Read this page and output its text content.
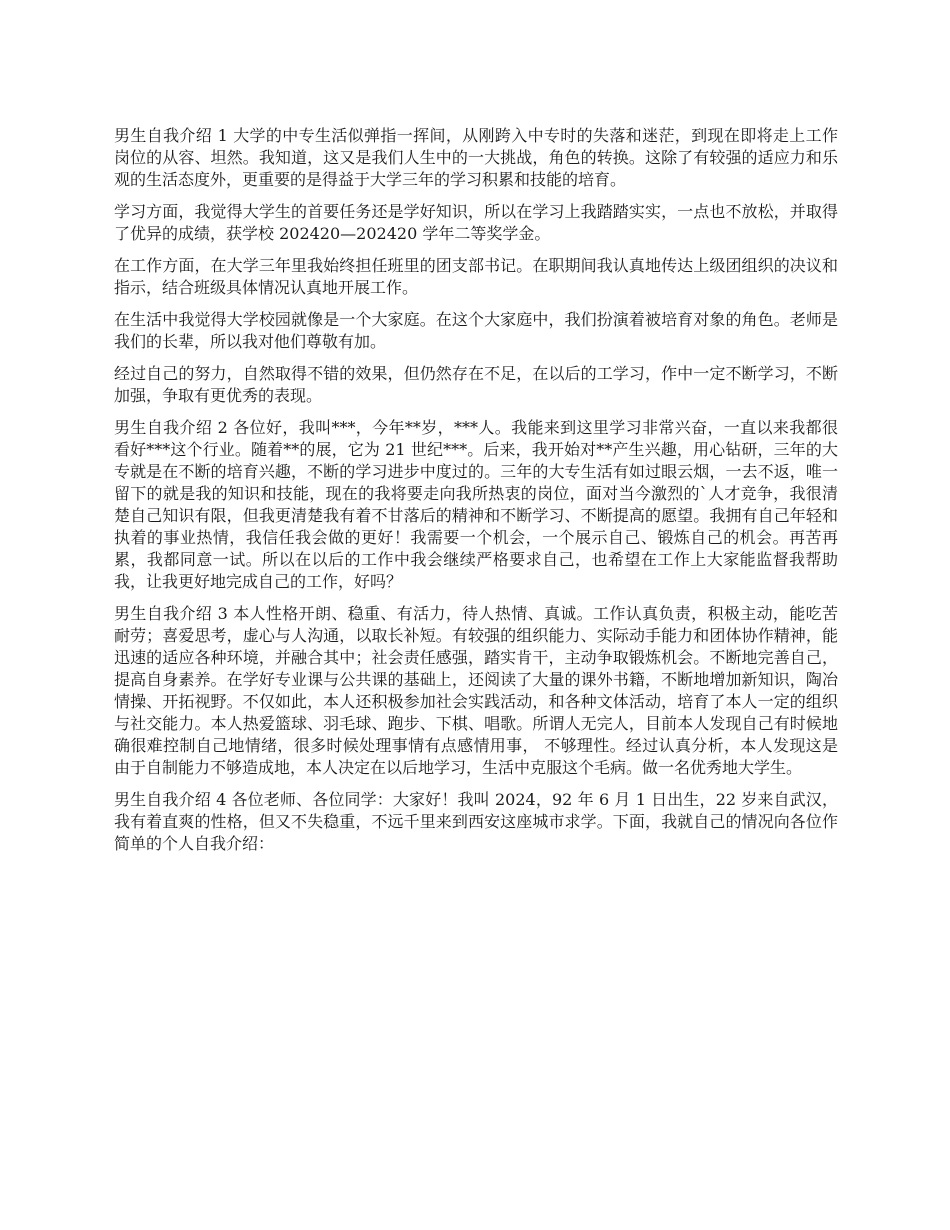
男生自我介绍 1 大学的中专生活似弹指一挥间，从刚跨入中专时的失落和迷茫，到现在即将走上工作岗位的从容、坦然。我知道，这又是我们人生中的一大挑战，角色的转换。这除了有较强的适应力和乐观的生活态度外，更重要的是得益于大学三年的学习积累和技能的培育。

学习方面，我觉得大学生的首要任务还是学好知识，所以在学习上我踏踏实实，一点也不放松，并取得了优异的成绩，获学校 202420—202420 学年二等奖学金。

在工作方面，在大学三年里我始终担任班里的团支部书记。在职期间我认真地传达上级团组织的决议和指示，结合班级具体情况认真地开展工作。

在生活中我觉得大学校园就像是一个大家庭。在这个大家庭中，我们扮演着被培育对象的角色。老师是我们的长辈，所以我对他们尊敬有加。

经过自己的努力，自然取得不错的效果，但仍然存在不足，在以后的工学习，作中一定不断学习，不断加强，争取有更优秀的表现。

男生自我介绍 2 各位好，我叫***，今年**岁，***人。我能来到这里学习非常兴奋，一直以来我都很看好***这个行业。随着**的展，它为 21 世纪***。后来，我开始对**产生兴趣，用心钻研，三年的大专就是在不断的培育兴趣，不断的学习进步中度过的。三年的大专生活有如过眼云烟，一去不返，唯一留下的就是我的知识和技能，现在的我将要走向我所热衷的岗位，面对当今激烈的`人才竞争，我很清楚自己知识有限，但我更清楚我有着不甘落后的精神和不断学习、不断提高的愿望。我拥有自己年轻和执着的事业热情，我信任我会做的更好！我需要一个机会，一个展示自己、锻炼自己的机会。再苦再累，我都同意一试。所以在以后的工作中我会继续严格要求自己，也希望在工作上大家能监督我帮助我，让我更好地完成自己的工作，好吗？

男生自我介绍 3 本人性格开朗、稳重、有活力，待人热情、真诚。工作认真负责，积极主动，能吃苦耐劳；喜爱思考，虚心与人沟通，以取长补短。有较强的组织能力、实际动手能力和团体协作精神，能迅速的适应各种环境，并融合其中；社会责任感强，踏实肯干，主动争取锻炼机会。不断地完善自己，提高自身素养。在学好专业课与公共课的基础上，还阅读了大量的课外书籍，不断地增加新知识，陶冶情操、开拓视野。不仅如此，本人还积极参加社会实践活动，和各种文体活动，培育了本人一定的组织与社交能力。本人热爱篮球、羽毛球、跑步、下棋、唱歌。所谓人无完人，目前本人发现自己有时候地确很难控制自己地情绪，很多时候处理事情有点感情用事， 不够理性。经过认真分析，本人发现这是由于自制能力不够造成地，本人决定在以后地学习，生活中克服这个毛病。做一名优秀地大学生。

男生自我介绍 4 各位老师、各位同学：大家好！我叫 2024，92 年 6 月 1 日出生，22 岁来自武汉，我有着直爽的性格，但又不失稳重，不远千里来到西安这座城市求学。下面，我就自己的情况向各位作简单的个人自我介绍：
